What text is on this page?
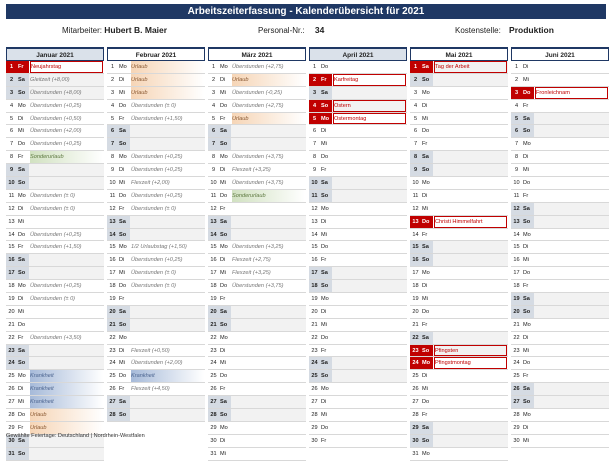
Arbeitszeiterfassung - Kalenderübersicht für 2021
Mitarbeiter: Hubert B. Maier	Personal-Nr.: 34	Kostenstelle: Produktion
Januar 2021
1 Fr	Neujahrstag
2 Sa Gleitzeit (+8,00)
3 So Überstunden (+8,00)
4 Mo Überstunden (+0,25)
5 Di	Überstunden (+0,50)
6 Mi	Überstunden (+2,00)
7 Do Überstunden (+0,25)
8 Fr	Sonderurlaub
9 Sa
10 So
11 Mo Überstunden (± 0)
12 Di	Überstunden (± 0)
13 Mi
14 Do Überstunden (+0,25)
15 Fr	Überstunden (+1,50)
16 Sa
17 So
18 Mo Überstunden (+0,25)
19 Di	Überstunden (± 0)
20 Mi
21 Do
22 Fr	Überstunden (+3,50)
23 Sa
24 So
25 Mo Krankheit
26 Di	Krankheit
27 Mi	Krankheit
28 Do Urlaub
29 Fr	Urlaub
30 Sa
31 So
Februar 2021
1 Mo Urlaub
2 Di	Urlaub
3 Mi	Urlaub
4 Do Überstunden (± 0)
5 Fr	Überstunden (+1,50)
6 Sa
7 So
8 Mo Überstunden (+0,25)
9 Di	Überstunden (+0,25)
10 Mi	Flexzeit (+2,00)
11 Do Überstunden (+0,25)
12 Fr	Überstunden (± 0)
13 Sa
14 So
15 Mo 1/2 Urlaubstag (+1,50)
16 Di	Überstunden (+0,25)
17 Mi	Überstunden (± 0)
18 Do Überstunden (± 0)
19 Fr
20 Sa
21 So
22 Mo
23 Di	Flexzeit (+0,50)
24 Mi	Überstunden (+2,00)
25 Do Krankheit
26 Fr	Flexzeit (+4,50)
27 Sa
28 So
März 2021
1 Mo Überstunden (+2,75)
2 Di	Urlaub
3 Mi	Überstunden (-0,25)
4 Do Überstunden (+2,75)
5 Fr	Urlaub
6 Sa
7 So
8 Mo Überstunden (+3,75)
9 Di	Flexzeit (+3,25)
10 Mi	Überstunden (+3,75)
11 Do Sonderurlaub
12 Fr
13 Sa
14 So
15 Mo Überstunden (+3,25)
16 Di	Flexzeit (+2,75)
17 Mi	Flexzeit (+3,25)
18 Do Überstunden (+3,75)
19 Fr
20 Sa
21 So
22 Mo
23 Di
24 Mi
25 Do
26 Fr
27 Sa
28 So
29 Mo
30 Di
31 Mi
April 2021
1 Do
2 Fr	Karfreitag
3 Sa
4 So	Ostern
5 Mo Ostermontag
6 Di
7 Mi
8 Do
9 Fr
10 Sa
11 So
12 Mo
13 Di
14 Mi
15 Do
16 Fr
17 Sa
18 So
19 Mo
20 Di
21 Mi
22 Do
23 Fr
24 Sa
25 So
26 Mo
27 Di
28 Mi
29 Do
30 Fr
Mai 2021
1 Sa	Tag der Arbeit
2 So
3 Mo
4 Di
5 Mi
6 Do
7 Fr
8 Sa
9 So
10 Mo
11 Di
12 Mi
13 Do Christi Himmelfahrt
14 Fr
15 Sa
16 So
17 Mo
18 Di
19 Mi
20 Do
21 Fr
22 Sa
23 So	Pfingsten
24 Mo Pfingstmontag
25 Di
26 Mi
27 Do
28 Fr
29 Sa
30 So
31 Mo
Juni 2021
1 Di
2 Mi
3 Do Fronleichnam
4 Fr
5 Sa
6 So
7 Mo
8 Di
9 Mi
10 Do
11 Fr
12 Sa
13 So
14 Mo
15 Di
16 Mi
17 Do
18 Fr
19 Sa
20 So
21 Mo
22 Di
23 Mi
24 Do
25 Fr
26 Sa
27 So
28 Mo
29 Di
30 Mi
Gewählte Feiertage: Deutschland | Nordrhein-Westfalen
